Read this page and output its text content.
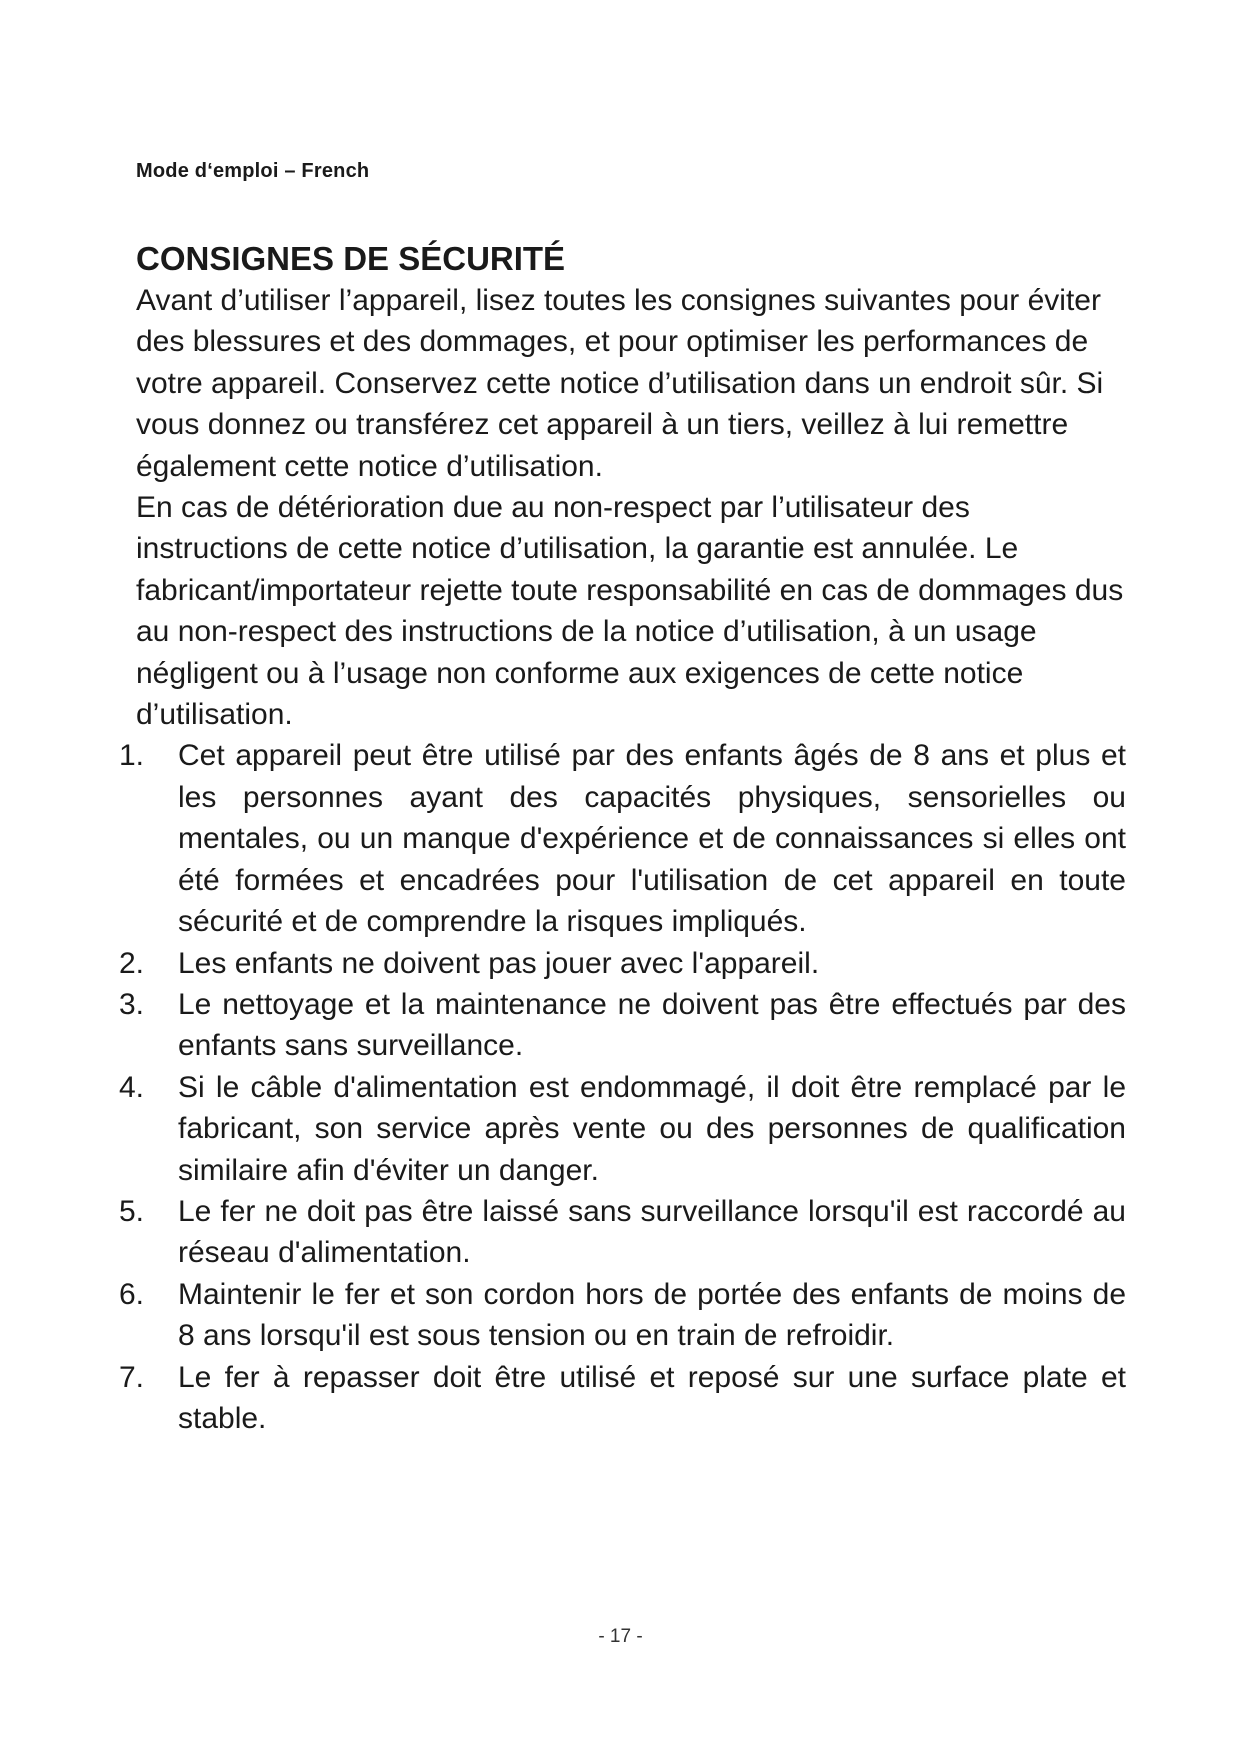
Mode d‘emploi – French
CONSIGNES DE SÉCURITÉ

Avant d’utiliser l’appareil, lisez toutes les consignes suivantes pour éviter des blessures et des dommages, et pour optimiser les performances de votre appareil. Conservez cette notice d’utilisation dans un endroit sûr. Si vous donnez ou transférez cet appareil à un tiers, veillez à lui remettre également cette notice d’utilisation.

En cas de détérioration due au non-respect par l’utilisateur des instructions de cette notice d’utilisation, la garantie est annulée. Le fabricant/importateur rejette toute responsabilité en cas de dommages dus au non-respect des instructions de la notice d’utilisation, à un usage négligent ou à l’usage non conforme aux exigences de cette notice d’utilisation.

1. Cet appareil peut être utilisé par des enfants âgés de 8 ans et plus et les personnes ayant des capacités physiques, sensorielles ou mentales, ou un manque d'expérience et de connaissances si elles ont été formées et encadrées pour l'utilisation de cet appareil en toute sécurité et de comprendre la risques impliqués.
2. Les enfants ne doivent pas jouer avec l'appareil.
3. Le nettoyage et la maintenance ne doivent pas être effectués par des enfants sans surveillance.
4. Si le câble d'alimentation est endommagé, il doit être remplacé par le fabricant, son service après vente ou des personnes de qualification similaire afin d'éviter un danger.
5. Le fer ne doit pas être laissé sans surveillance lorsqu'il est raccordé au réseau d'alimentation.
6. Maintenir le fer et son cordon hors de portée des enfants de moins de 8 ans lorsqu'il est sous tension ou en train de refroidir.
7. Le fer à repasser doit être utilisé et reposé sur une surface plate et stable.
- 17 -
